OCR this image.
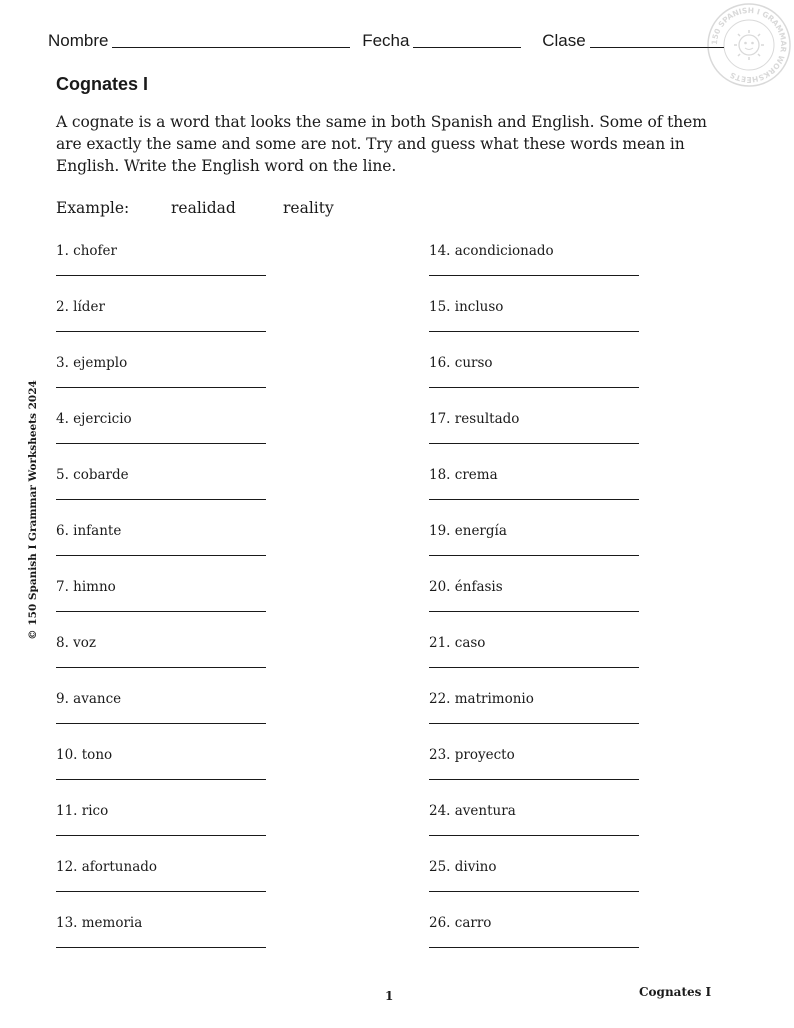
Nombre	Fecha	Clase	150 SPANISH I GRAMMAR WORKSHEETS
Cognates I
A cognate is a word that looks the same in both Spanish and English. Some of them are exactly the same and some are not. Try and guess what these words mean in English. Write the English word on the line.
Example:	realidad	reality
© 150 Spanish I Grammar Worksheets 2024
1. chofer
2. líder
3. ejemplo
4. ejercicio
5. cobarde
6. infante
7. himno
8. voz
9. avance
10. tono
11. rico
12. afortunado
13. memoria
14. acondicionado
15. incluso
16. curso
17. resultado
18. crema
19. energía
20. énfasis
21. caso
22. matrimonio
23. proyecto
24. aventura
25. divino
26. carro
1	Cognates I
